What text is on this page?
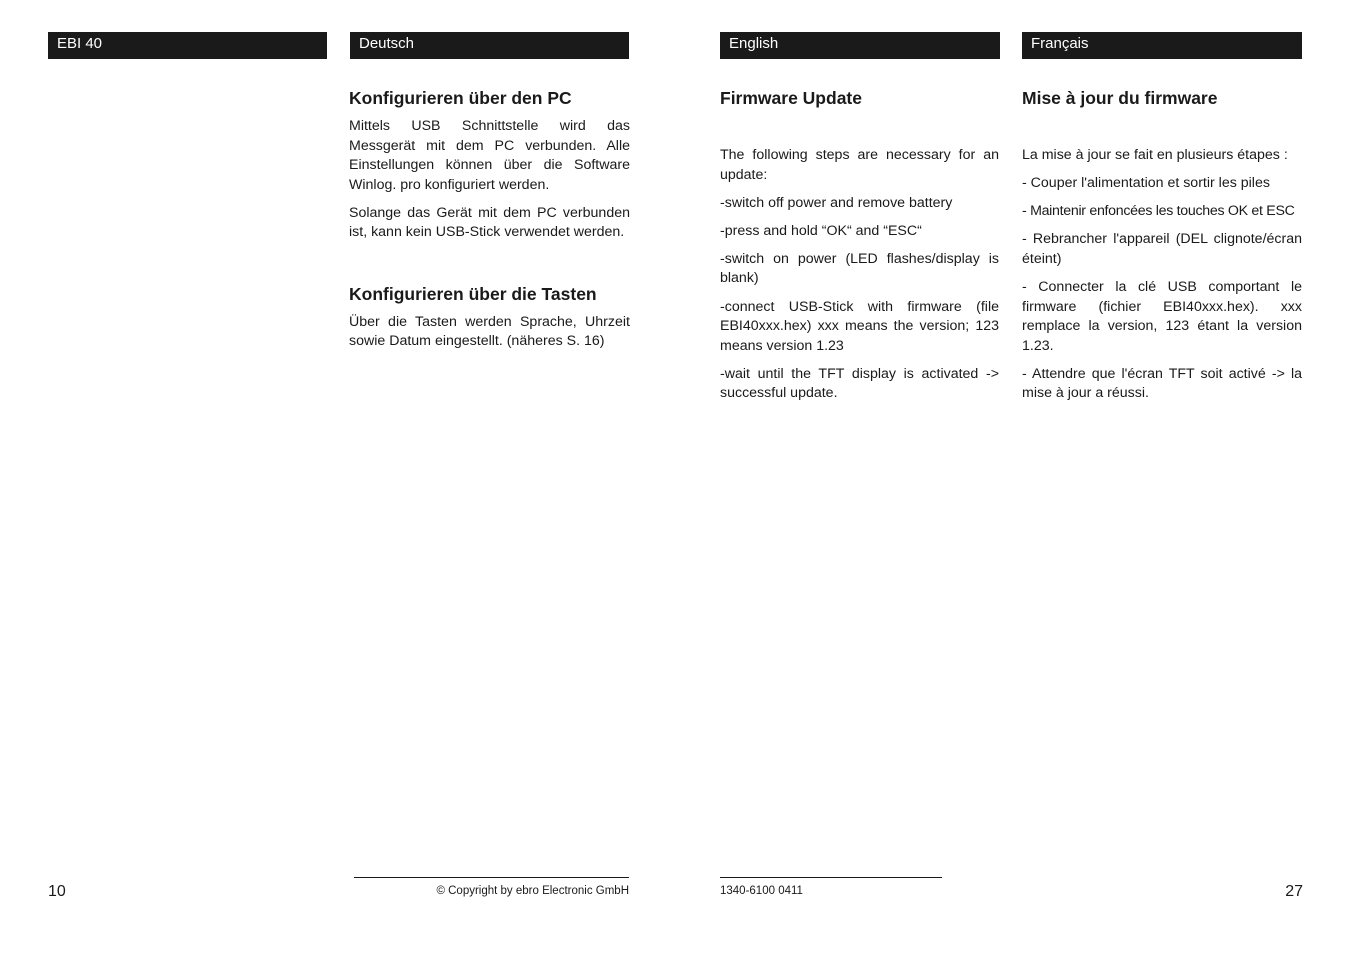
EBI 40	Deutsch	English	Français
Konfigurieren über den PC

Mittels USB Schnittstelle wird das Messgerät mit dem PC verbunden. Alle Einstellungen können über die Software Winlog. pro konfiguriert werden.

Solange das Gerät mit dem PC verbunden ist, kann kein USB-Stick verwendet werden.

Konfigurieren über die Tasten

Über die Tasten werden Sprache, Uhrzeit sowie Datum eingestellt. (näheres S. 16)

Firmware Update

The following steps are necessary for an update:

-switch off power and remove battery

-press and hold “OK“ and “ESC“

-switch on power (LED flashes/display is blank)

-connect USB-Stick with firmware (file EBI40xxx.hex) xxx means the version; 123 means version 1.23

-wait until the TFT display is activated -> successful update.

Mise à jour du firmware

La mise à jour se fait en plusieurs étapes :

- Couper l'alimentation et sortir les piles

- Maintenir enfoncées les touches OK et ESC

- Rebrancher l'appareil (DEL clignote/écran éteint)

- Connecter la clé USB comportant le firmware (fichier EBI40xxx.hex). xxx remplace la version, 123 étant la version 1.23.

- Attendre que l'écran TFT soit activé -> la mise à jour a réussi.

© Copyright by ebro Electronic GmbH	1340-6100 0411
10	27
